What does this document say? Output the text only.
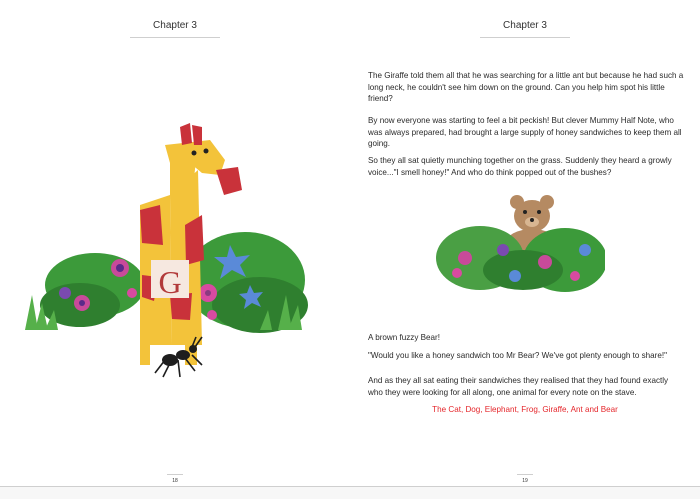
Chapter 3
G
18
Chapter 3

The Giraffe told them all that he was searching for a little ant but because he had such a long neck, he couldn't see him down on the ground. Can you help him spot his little friend?

By now everyone was starting to feel a bit peckish! But clever Mummy Half Note, who was always prepared, had brought a large supply of honey sandwiches to keep them all going.

So they all sat quietly munching together on the grass. Suddenly they heard a growly voice..."I smell honey!" And who do think popped out of the bushes?

A brown fuzzy Bear!

"Would you like a honey sandwich too Mr Bear? We've got plenty enough to share!"

And as they all sat eating their sandwiches they realised that they had found exactly who they were looking for all along, one animal for every note on the stave.

The Cat, Dog, Elephant, Frog, Giraffe, Ant and Bear
19
